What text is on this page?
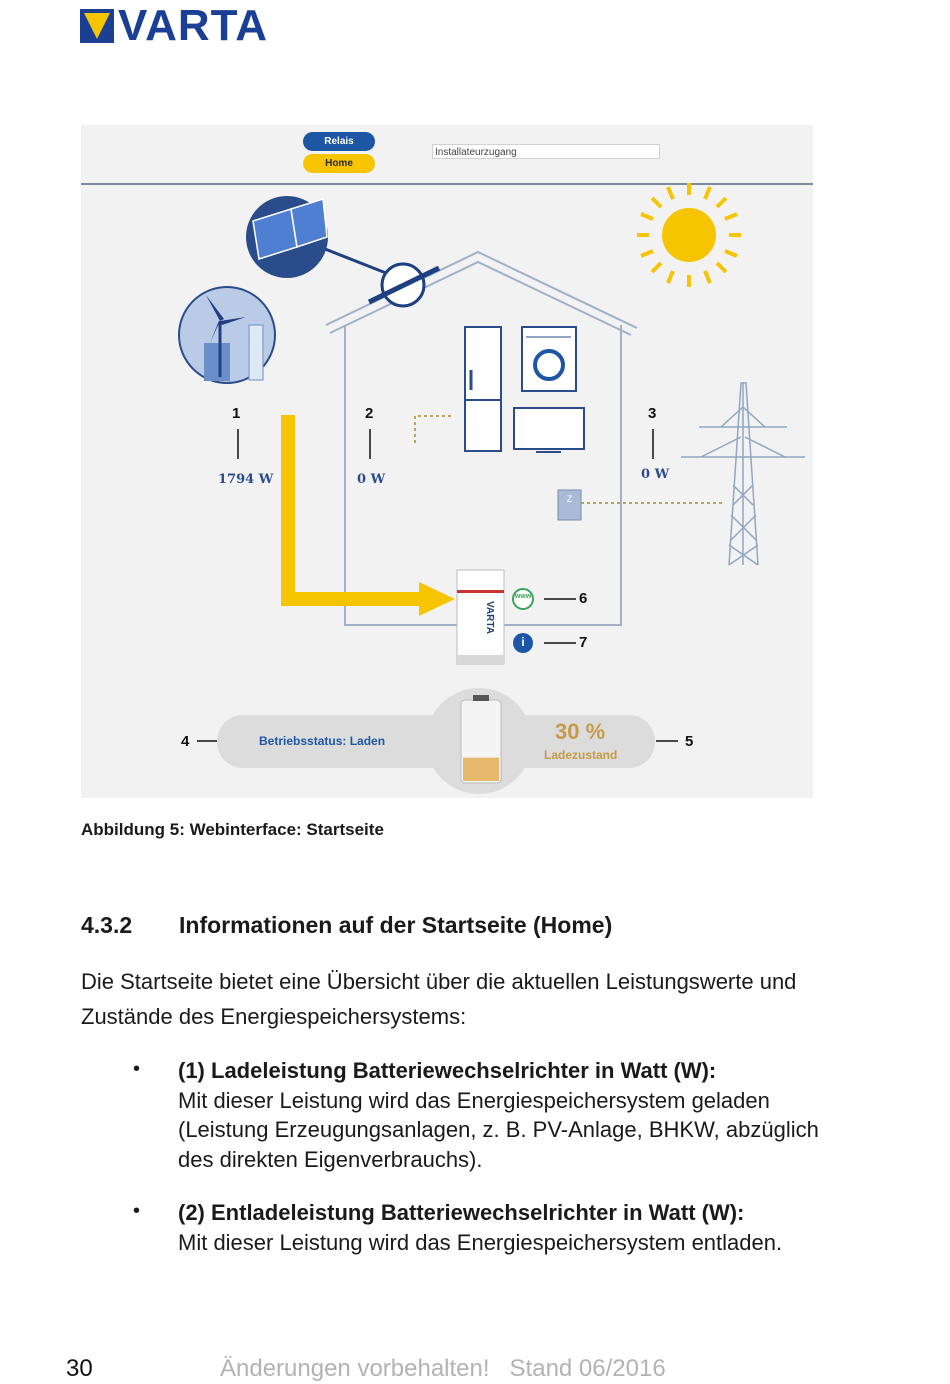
VARTA
Relais
Home
Installateurzugang
1	2	3
4	5
6
7
1794 W	0 W	0 W
VARTA
www
i
Z
Betriebsstatus: Laden	30 %
Ladezustand
Abbildung 5: Webinterface: Startseite
4.3.2 Informationen auf der Startseite (Home)
Die Startseite bietet eine Übersicht über die aktuellen Leistungswerte und Zustände des Energiespeichersystems:
• (1) Ladeleistung Batteriewechselrichter in Watt (W):
Mit dieser Leistung wird das Energiespeichersystem geladen (Leistung Erzeugungsanlagen, z. B. PV-Anlage, BHKW, abzüglich des direkten Eigenverbrauchs).
• (2) Entladeleistung Batteriewechselrichter in Watt (W):
Mit dieser Leistung wird das Energiespeichersystem entladen.
30	Änderungen vorbehalten! Stand 06/2016
